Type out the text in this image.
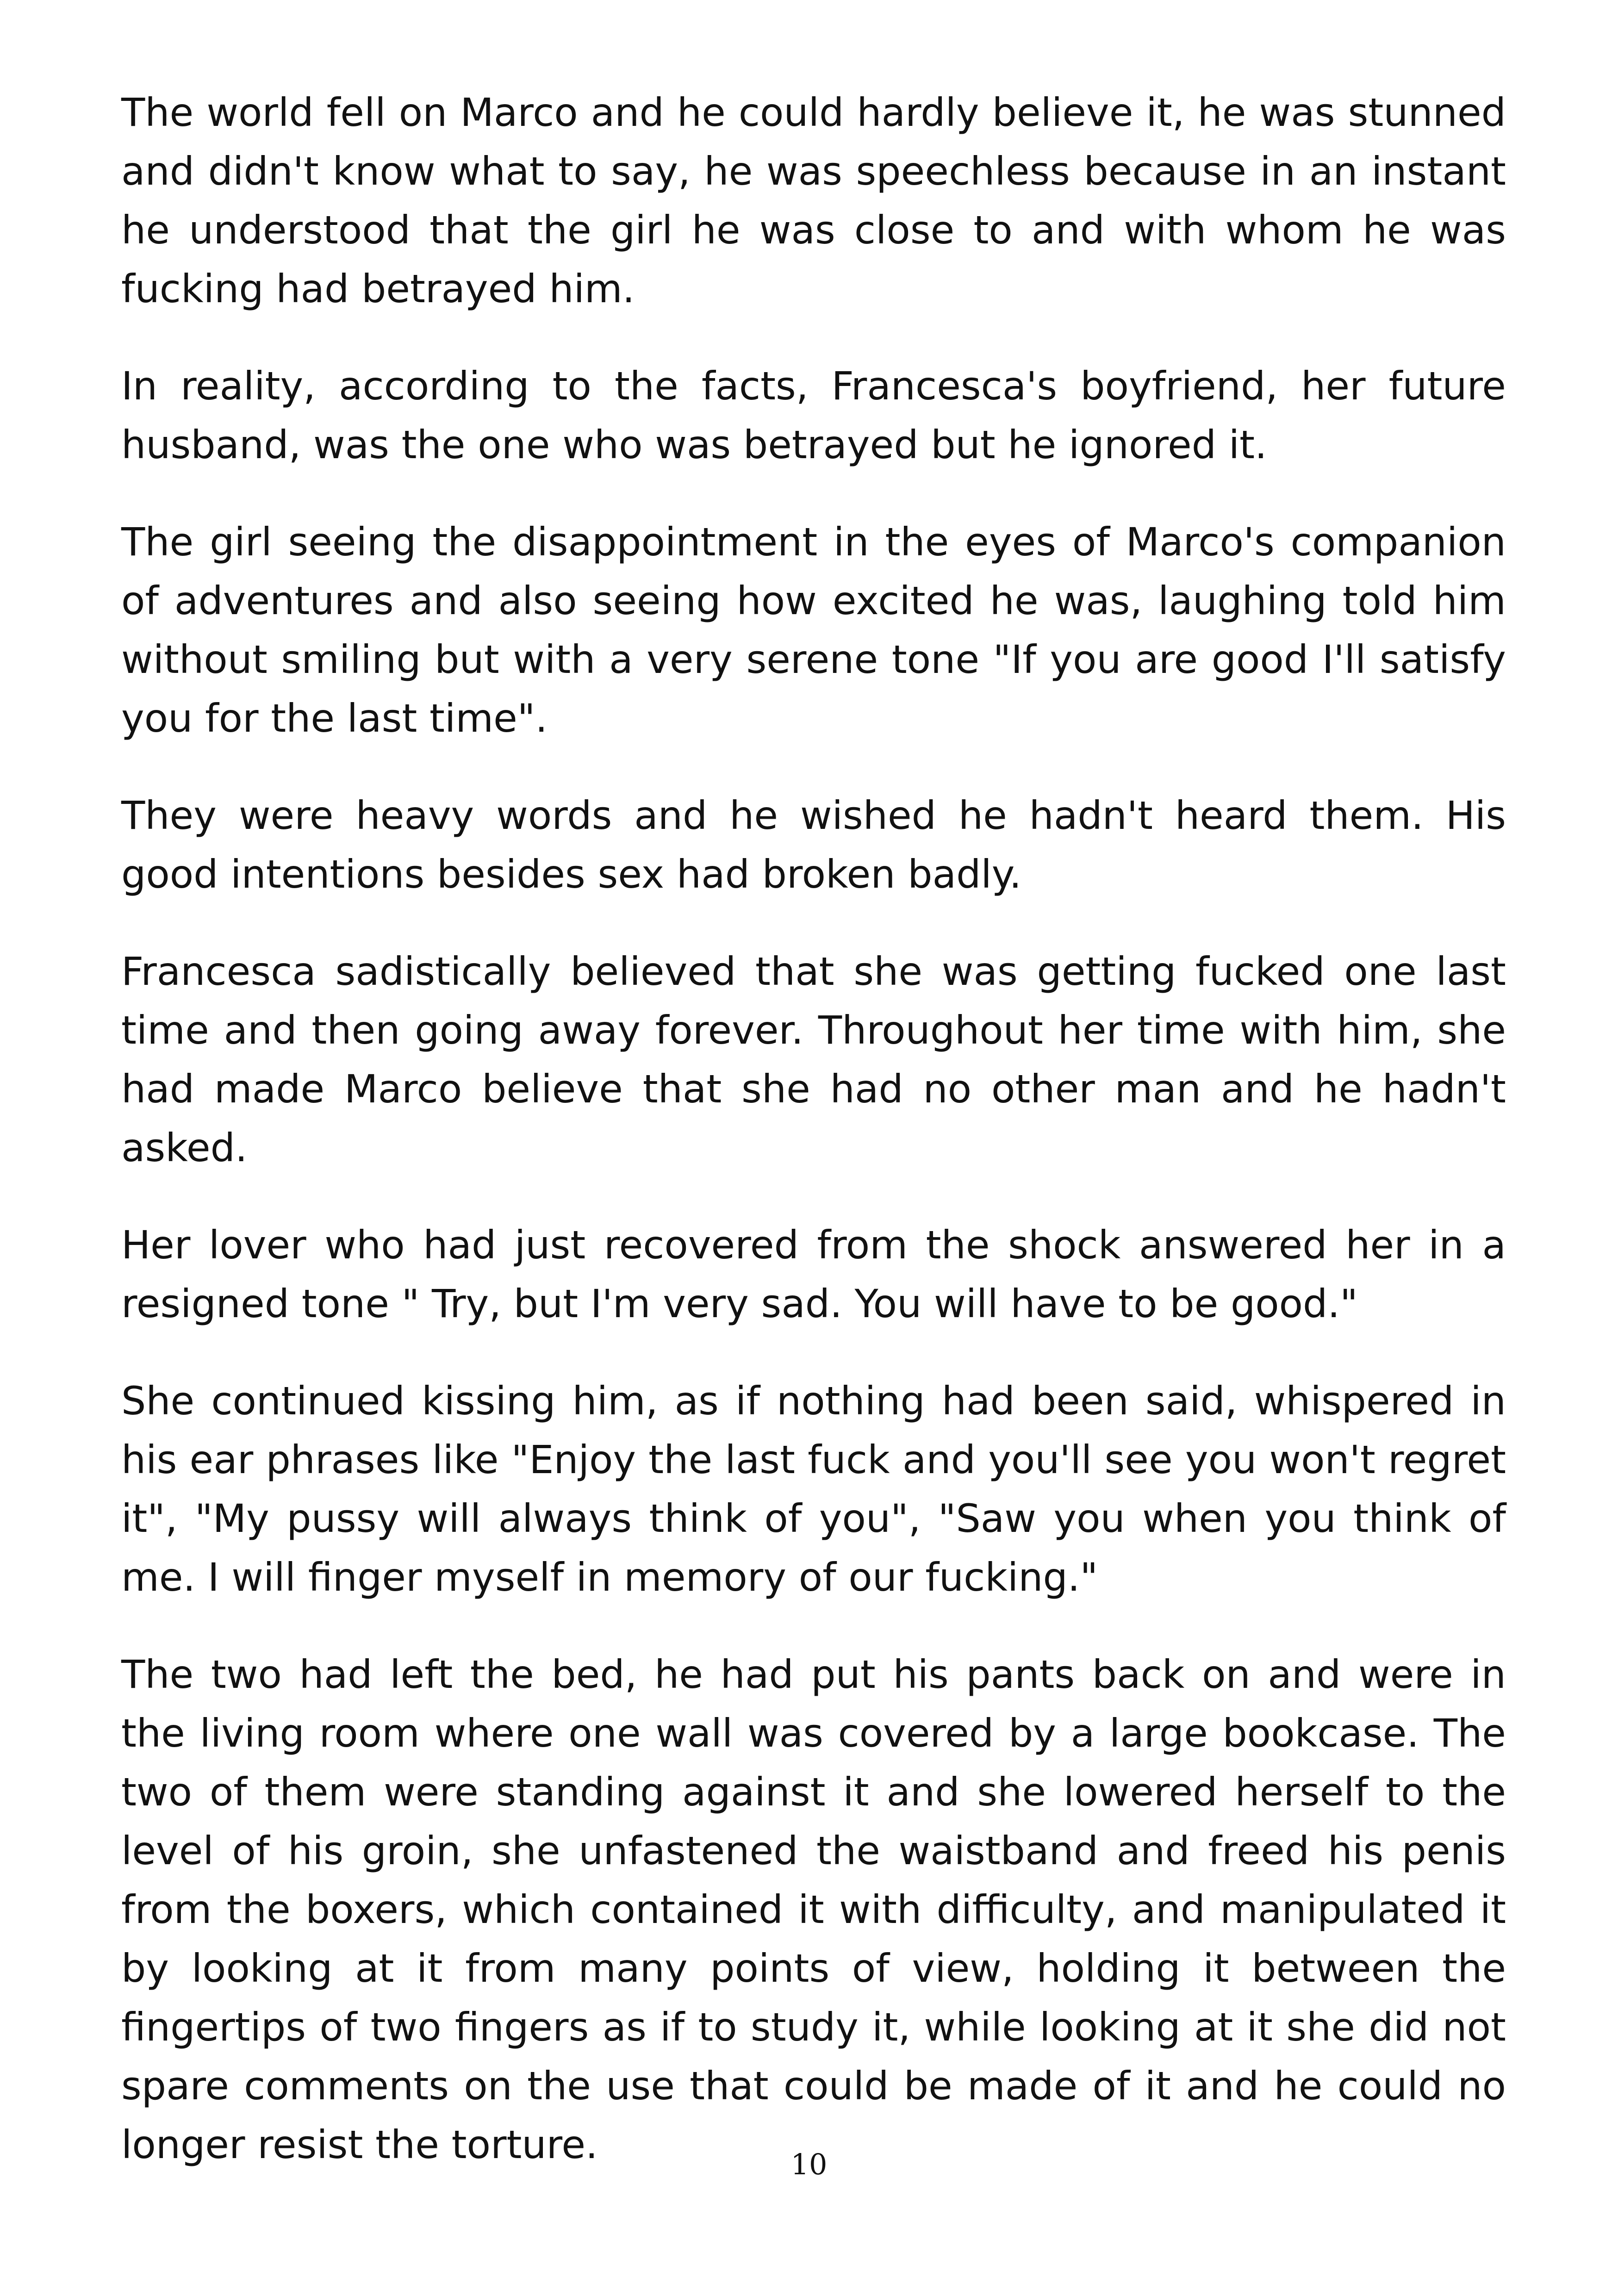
The world fell on Marco and he could hardly believe it, he was stunned and didn't know what to say, he was speechless because in an instant he understood that the girl he was close to and with whom he was fucking had betrayed him.

In reality, according to the facts, Francesca's boyfriend, her future husband, was the one who was betrayed but he ignored it.

The girl seeing the disappointment in the eyes of Marco's companion of adventures and also seeing how excited he was, laughing told him without smiling but with a very serene tone "If you are good I'll satisfy you for the last time".

They were heavy words and he wished he hadn't heard them. His good intentions besides sex had broken badly.

Francesca sadistically believed that she was getting fucked one last time and then going away forever. Throughout her time with him, she had made Marco believe that she had no other man and he hadn't asked.

Her lover who had just recovered from the shock answered her in a resigned tone " Try, but I'm very sad. You will have to be good."

She continued kissing him, as if nothing had been said, whispered in his ear phrases like "Enjoy the last fuck and you'll see you won't regret it", "My pussy will always think of you", "Saw you when you think of me. I will finger myself in memory of our fucking."

The two had left the bed, he had put his pants back on and were in the living room where one wall was covered by a large bookcase. The two of them were standing against it and she lowered herself to the level of his groin, she unfastened the waistband and freed his penis from the boxers, which contained it with difficulty, and manipulated it by looking at it from many points of view, holding it between the fingertips of two fingers as if to study it, while looking at it she did not spare comments on the use that could be made of it and he could no longer resist the torture.	10
